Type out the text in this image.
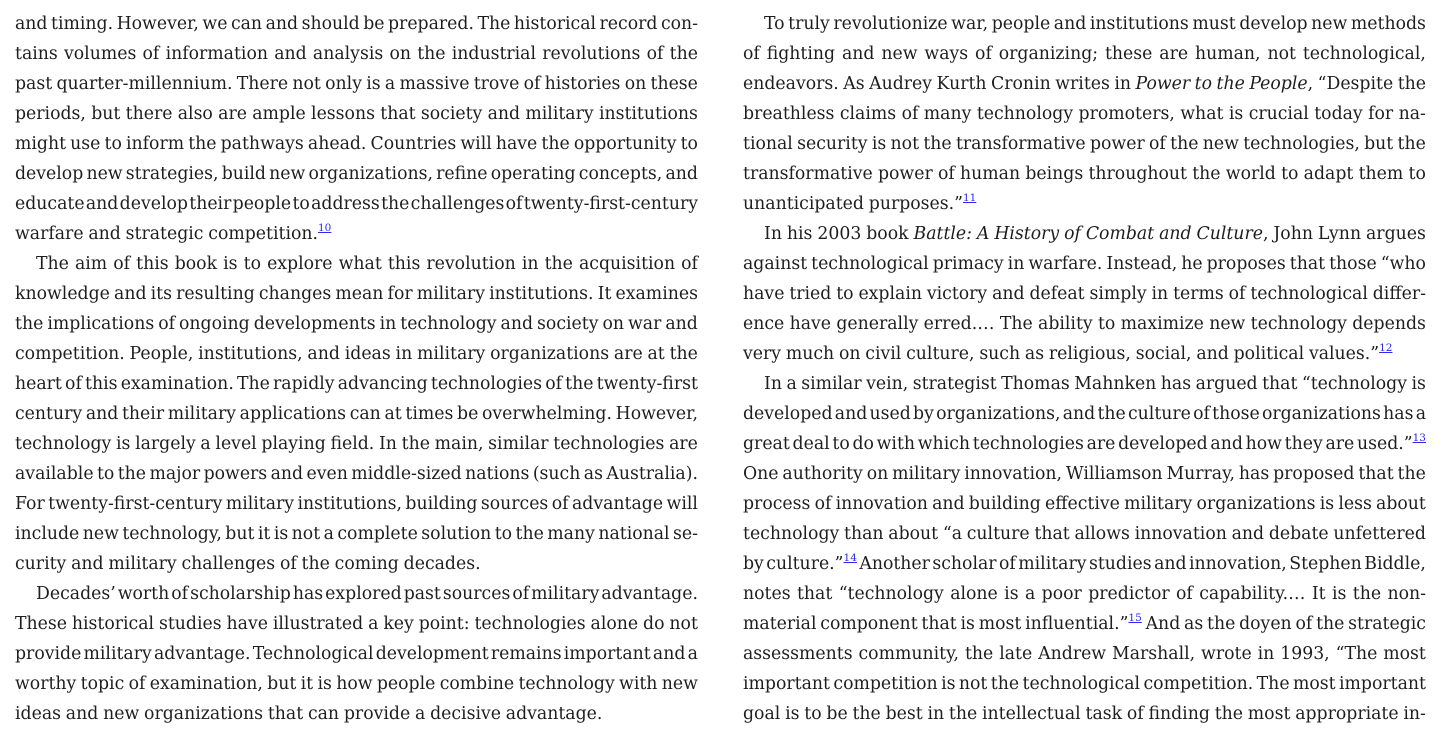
and timing. However, we can and should be prepared. The historical record con-
tains volumes of information and analysis on the industrial revolutions of the
past quarter-millennium. There not only is a massive trove of histories on these
periods, but there also are ample lessons that society and military institutions
might use to inform the pathways ahead. Countries will have the opportunity to
develop new strategies, build new organizations, refine operating concepts, and
educate and develop their people to address the challenges of twenty-first-century
warfare and strategic competition.$^{10}$
The aim of this book is to explore what this revolution in the acquisition of
knowledge and its resulting changes mean for military institutions. It examines
the implications of ongoing developments in technology and society on war and
competition. People, institutions, and ideas in military organizations are at the
heart of this examination. The rapidly advancing technologies of the twenty-first
century and their military applications can at times be overwhelming. However,
technology is largely a level playing field. In the main, similar technologies are
available to the major powers and even middle-sized nations (such as Australia).
For twenty-first-century military institutions, building sources of advantage will
include new technology, but it is not a complete solution to the many national se-
curity and military challenges of the coming decades.
Decades’ worth of scholarship has explored past sources of military advantage.
These historical studies have illustrated a key point: technologies alone do not
provide military advantage. Technological development remains important and a
worthy topic of examination, but it is how people combine technology with new
ideas and new organizations that can provide a decisive advantage.
To truly revolutionize war, people and institutions must develop new methods
of fighting and new ways of organizing; these are human, not technological,
endeavors. As Audrey Kurth Cronin writes in Power to the People, “Despite the
breathless claims of many technology promoters, what is crucial today for na-
tional security is not the transformative power of the new technologies, but the
transformative power of human beings throughout the world to adapt them to
unanticipated purposes.”$^{11}$
In his 2003 book Battle: A History of Combat and Culture, John Lynn argues
against technological primacy in warfare. Instead, he proposes that those “who
have tried to explain victory and defeat simply in terms of technological differ-
ence have generally erred.… The ability to maximize new technology depends
very much on civil culture, such as religious, social, and political values.”$^{12}$
In a similar vein, strategist Thomas Mahnken has argued that “technology is
developed and used by organizations, and the culture of those organizations has a
great deal to do with which technologies are developed and how they are used.”$^{13}$
One authority on military innovation, Williamson Murray, has proposed that the
process of innovation and building effective military organizations is less about
technology than about “a culture that allows innovation and debate unfettered
by culture.”$^{14}$ Another scholar of military studies and innovation, Stephen Biddle,
notes that “technology alone is a poor predictor of capability.… It is the non-
material component that is most influential.”$^{15}$ And as the doyen of the strategic
assessments community, the late Andrew Marshall, wrote in 1993, “The most
important competition is not the technological competition. The most important
goal is to be the best in the intellectual task of finding the most appropriate in-
